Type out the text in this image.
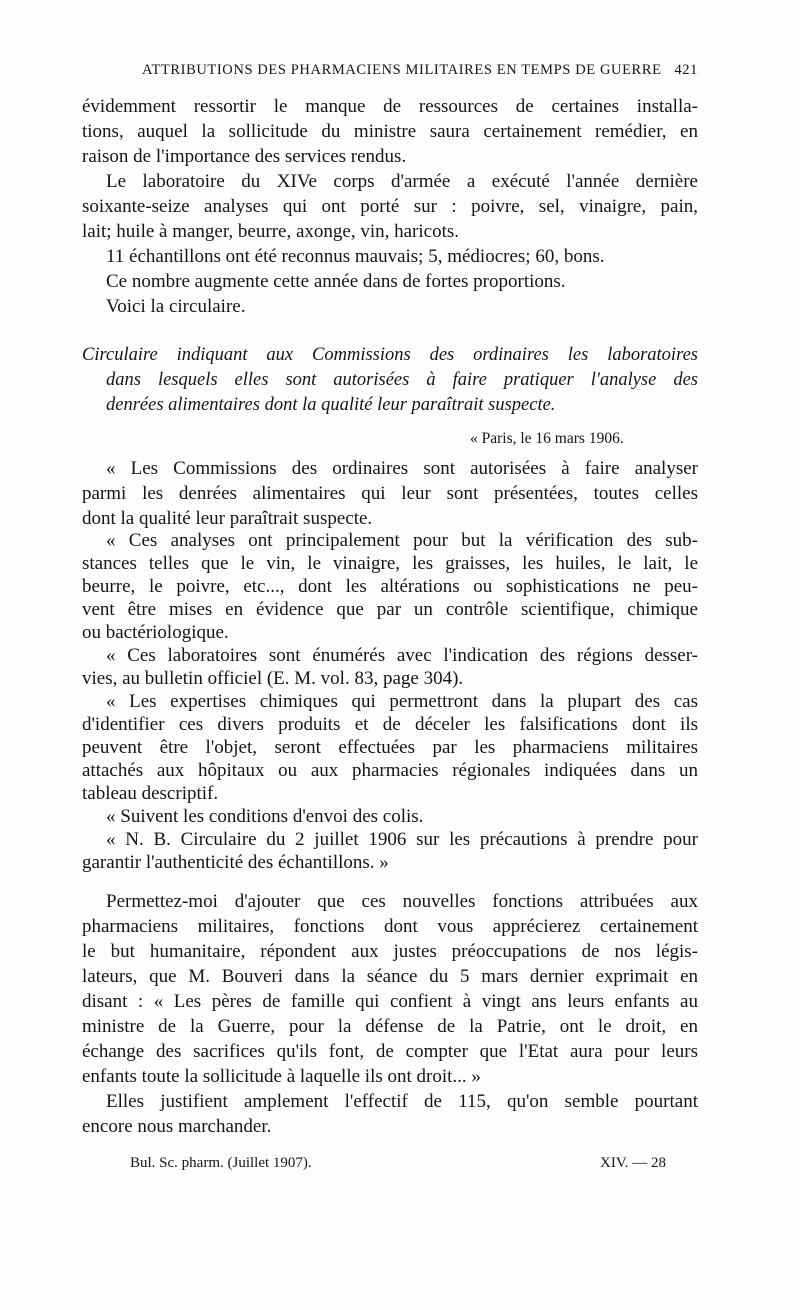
ATTRIBUTIONS DES PHARMACIENS MILITAIRES EN TEMPS DE GUERRE 421
évidemment ressortir le manque de ressources de certaines installa-
tions, auquel la sollicitude du ministre saura certainement remédier, en
raison de l'importance des services rendus.
Le laboratoire du XIVe corps d'armée a exécuté l'année dernière
soixante-seize analyses qui ont porté sur : poivre, sel, vinaigre, pain,
lait; huile à manger, beurre, axonge, vin, haricots.
11 échantillons ont été reconnus mauvais; 5, médiocres; 60, bons.
Ce nombre augmente cette année dans de fortes proportions.
Voici la circulaire.
Circulaire indiquant aux Commissions des ordinaires les laboratoires
dans lesquels elles sont autorisées à faire pratiquer l'analyse des
denrées alimentaires dont la qualité leur paraîtrait suspecte.
« Paris, le 16 mars 1906.
« Les Commissions des ordinaires sont autorisées à faire analyser
parmi les denrées alimentaires qui leur sont présentées, toutes celles
dont la qualité leur paraîtrait suspecte.
« Ces analyses ont principalement pour but la vérification des sub-
stances telles que le vin, le vinaigre, les graisses, les huiles, le lait, le
beurre, le poivre, etc..., dont les altérations ou sophistications ne peu-
vent être mises en évidence que par un contrôle scientifique, chimique
ou bactériologique.
« Ces laboratoires sont énumérés avec l'indication des régions desser-
vies, au bulletin officiel (E. M. vol. 83, page 304).
« Les expertises chimiques qui permettront dans la plupart des cas
d'identifier ces divers produits et de déceler les falsifications dont ils
peuvent être l'objet, seront effectuées par les pharmaciens militaires
attachés aux hôpitaux ou aux pharmacies régionales indiquées dans un
tableau descriptif.
« Suivent les conditions d'envoi des colis.
« N. B. Circulaire du 2 juillet 1906 sur les précautions à prendre pour
garantir l'authenticité des échantillons. »
Permettez-moi d'ajouter que ces nouvelles fonctions attribuées aux
pharmaciens militaires, fonctions dont vous apprécierez certainement
le but humanitaire, répondent aux justes préoccupations de nos légis-
lateurs, que M. Bouveri dans la séance du 5 mars dernier exprimait en
disant : « Les pères de famille qui confient à vingt ans leurs enfants au
ministre de la Guerre, pour la défense de la Patrie, ont le droit, en
échange des sacrifices qu'ils font, de compter que l'Etat aura pour leurs
enfants toute la sollicitude à laquelle ils ont droit... »
Elles justifient amplement l'effectif de 115, qu'on semble pourtant
encore nous marchander.
Bul. Sc. pharm. (Juillet 1907).	XIV. — 28
